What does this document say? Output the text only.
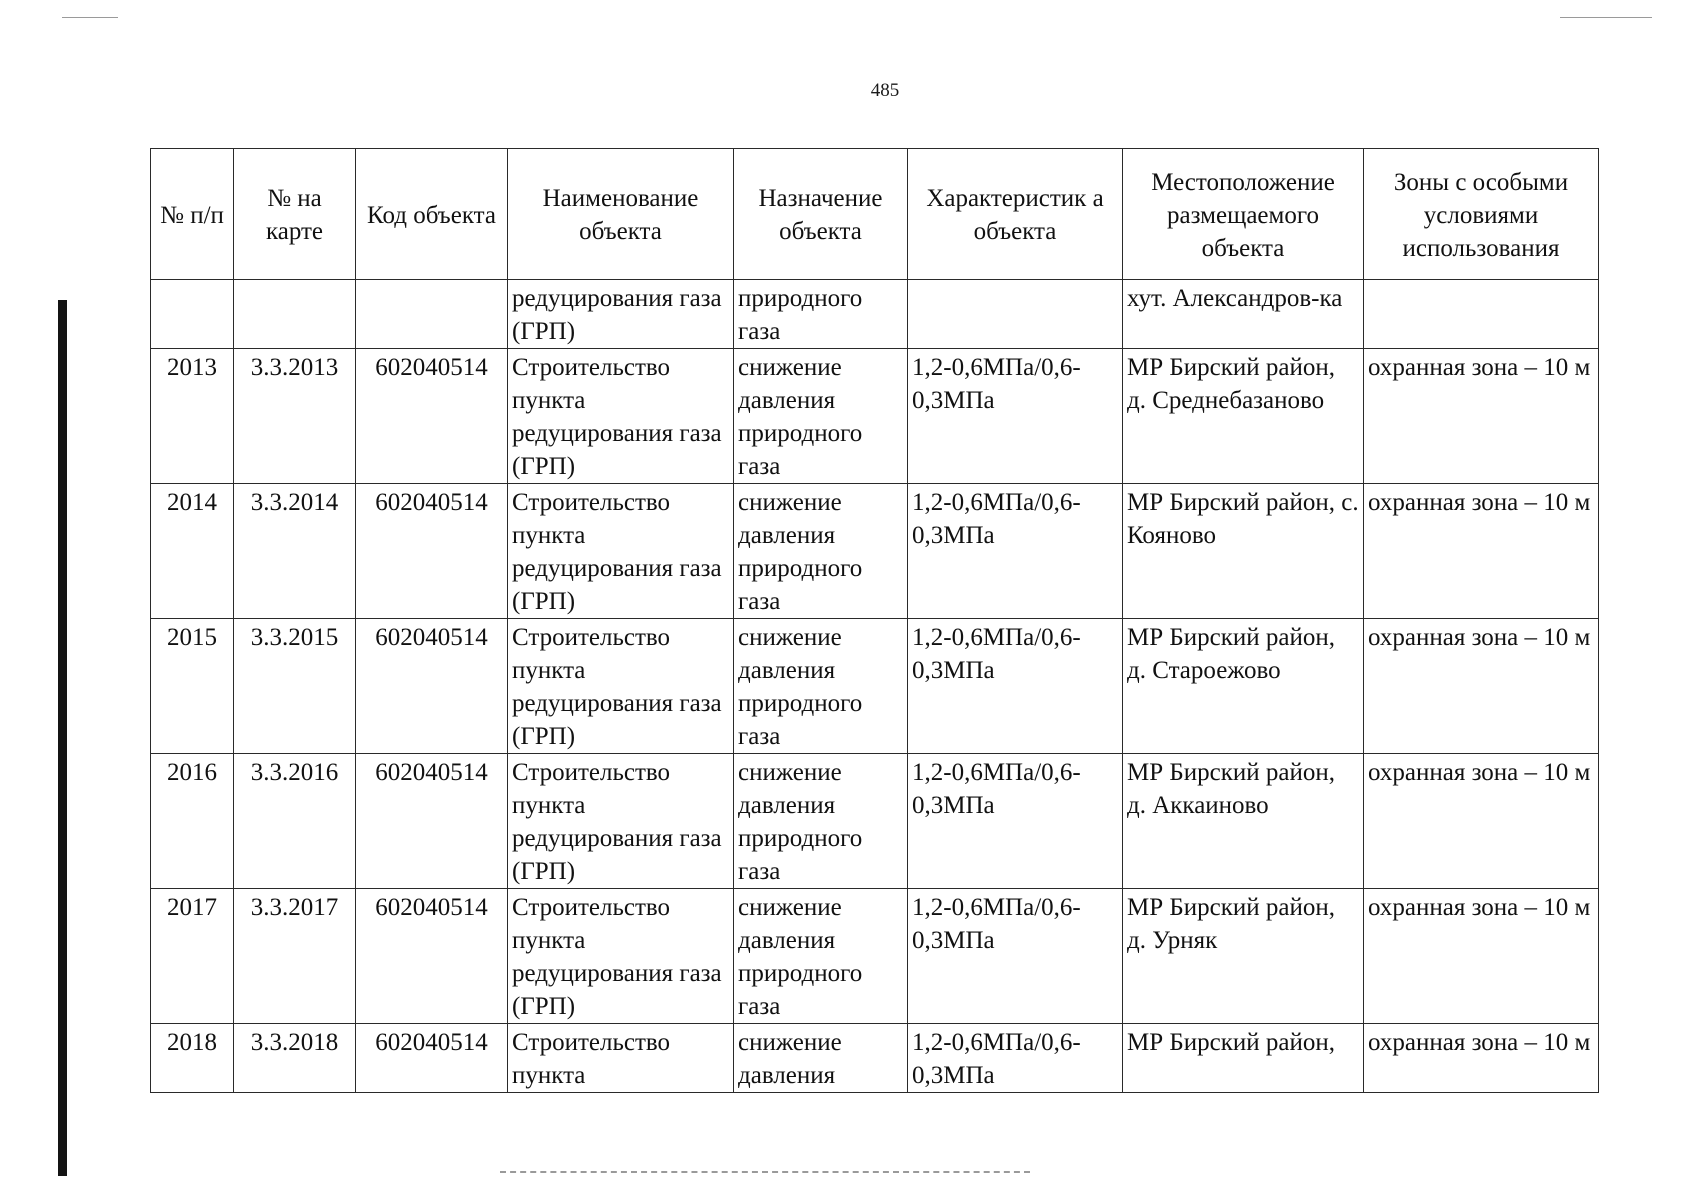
485
№ п/п	№ на карте	Код объекта	Наименование объекта	Назначение объекта	Характеристик а объекта	Местоположение размещаемого объекта	Зоны с особыми условиями использования
			редуцирования газа (ГРП)	природного газа		хут. Александров-ка	
2013	3.3.2013	602040514	Строительство пункта редуцирования газа (ГРП)	снижение давления природного газа	1,2-0,6МПа/0,6-0,3МПа	МР Бирский район, д. Среднебазаново	охранная зона – 10 м
2014	3.3.2014	602040514	Строительство пункта редуцирования газа (ГРП)	снижение давления природного газа	1,2-0,6МПа/0,6-0,3МПа	МР Бирский район, с. Кояново	охранная зона – 10 м
2015	3.3.2015	602040514	Строительство пункта редуцирования газа (ГРП)	снижение давления природного газа	1,2-0,6МПа/0,6-0,3МПа	МР Бирский район, д. Староежово	охранная зона – 10 м
2016	3.3.2016	602040514	Строительство пункта редуцирования газа (ГРП)	снижение давления природного газа	1,2-0,6МПа/0,6-0,3МПа	МР Бирский район, д. Аккаиново	охранная зона – 10 м
2017	3.3.2017	602040514	Строительство пункта редуцирования газа (ГРП)	снижение давления природного газа	1,2-0,6МПа/0,6-0,3МПа	МР Бирский район, д. Урняк	охранная зона – 10 м
2018	3.3.2018	602040514	Строительство пункта	снижение давления	1,2-0,6МПа/0,6-0,3МПа	МР Бирский район,	охранная зона – 10 м
